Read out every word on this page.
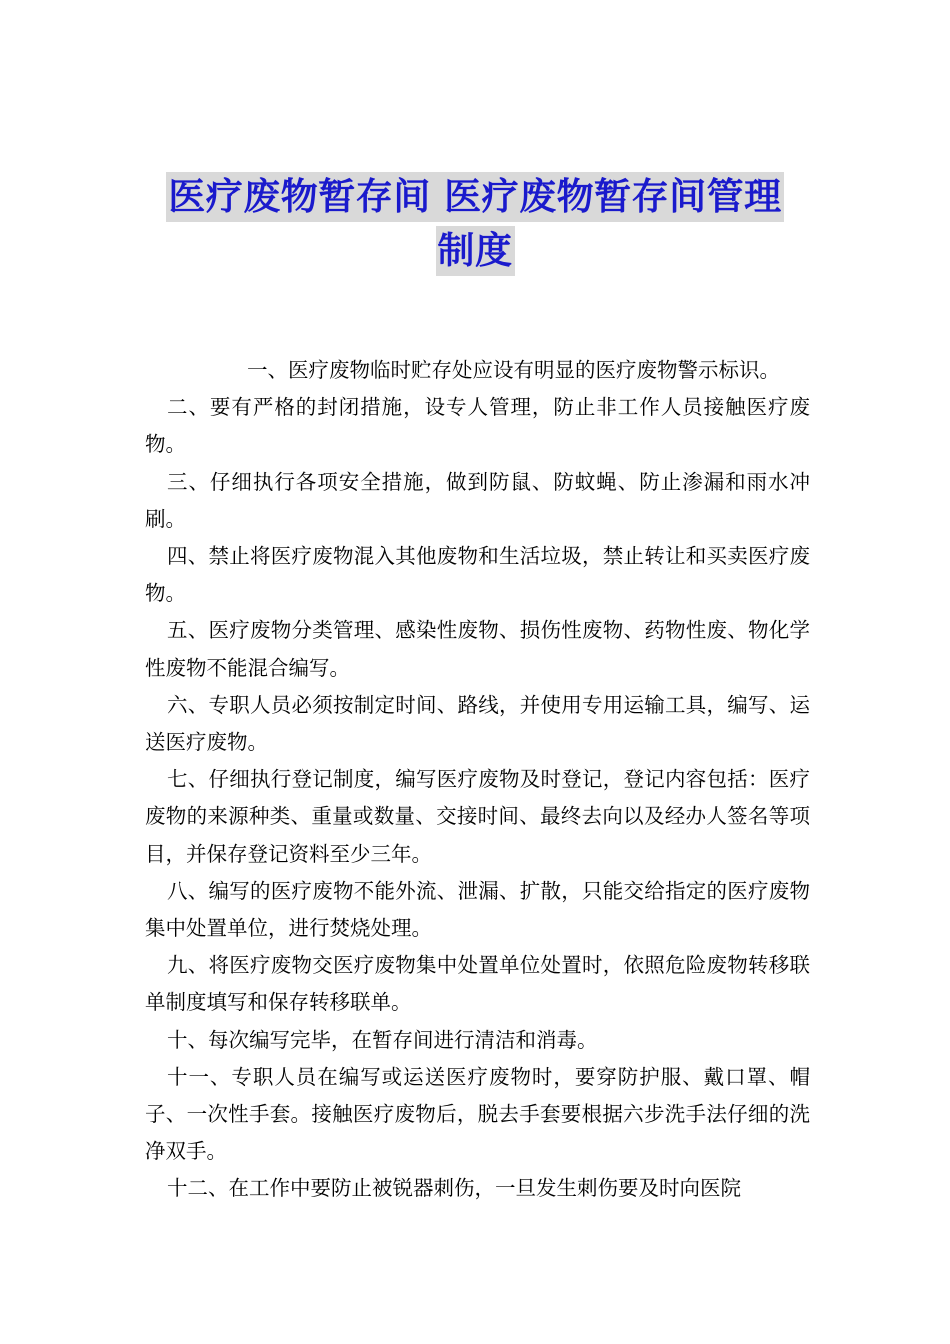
医疗废物暂存间 医疗废物暂存间管理
制度

一、医疗废物临时贮存处应设有明显的医疗废物警示标识。

二、要有严格的封闭措施，设专人管理，防止非工作人员接触医疗废物。

三、仔细执行各项安全措施，做到防鼠、防蚊蝇、防止渗漏和雨水冲刷。

四、禁止将医疗废物混入其他废物和生活垃圾，禁止转让和买卖医疗废物。

五、医疗废物分类管理、感染性废物、损伤性废物、药物性废、物化学性废物不能混合编写。

六、专职人员必须按制定时间、路线，并使用专用运输工具，编写、运送医疗废物。

七、仔细执行登记制度，编写医疗废物及时登记，登记内容包括：医疗废物的来源种类、重量或数量、交接时间、最终去向以及经办人签名等项目，并保存登记资料至少三年。

八、编写的医疗废物不能外流、泄漏、扩散，只能交给指定的医疗废物集中处置单位，进行焚烧处理。

九、将医疗废物交医疗废物集中处置单位处置时，依照危险废物转移联单制度填写和保存转移联单。

十、每次编写完毕，在暂存间进行清洁和消毒。

十一、专职人员在编写或运送医疗废物时，要穿防护服、戴口罩、帽子、一次性手套。接触医疗废物后，脱去手套要根据六步洗手法仔细的洗净双手。

十二、在工作中要防止被锐器刺伤，一旦发生刺伤要及时向医院
